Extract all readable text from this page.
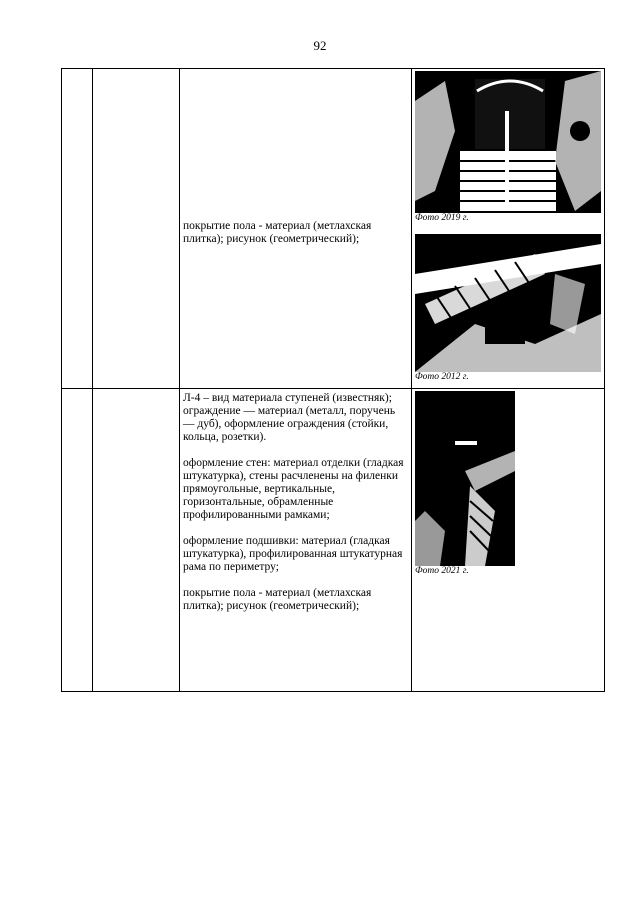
92

		покрытие пола - материал (метлахская плитка); рисунок (геометрический);	Фото 2019 г.

Фото 2012 г.

		Л-4 – вид материала ступеней (известняк); ограждение — материал (металл, поручень — дуб), оформление ограждения (стойки, кольца, розетки).

оформление стен: материал отделки (гладкая штукатурка), стены расчленены на филенки прямоугольные, вертикальные, горизонтальные, обрамленные профилированными рамками;

оформление подшивки: материал (гладкая штукатурка), профилированная штукатурная рама по периметру;

покрытие пола - материал (метлахская плитка); рисунок (геометрический);	Фото 2021 г.
